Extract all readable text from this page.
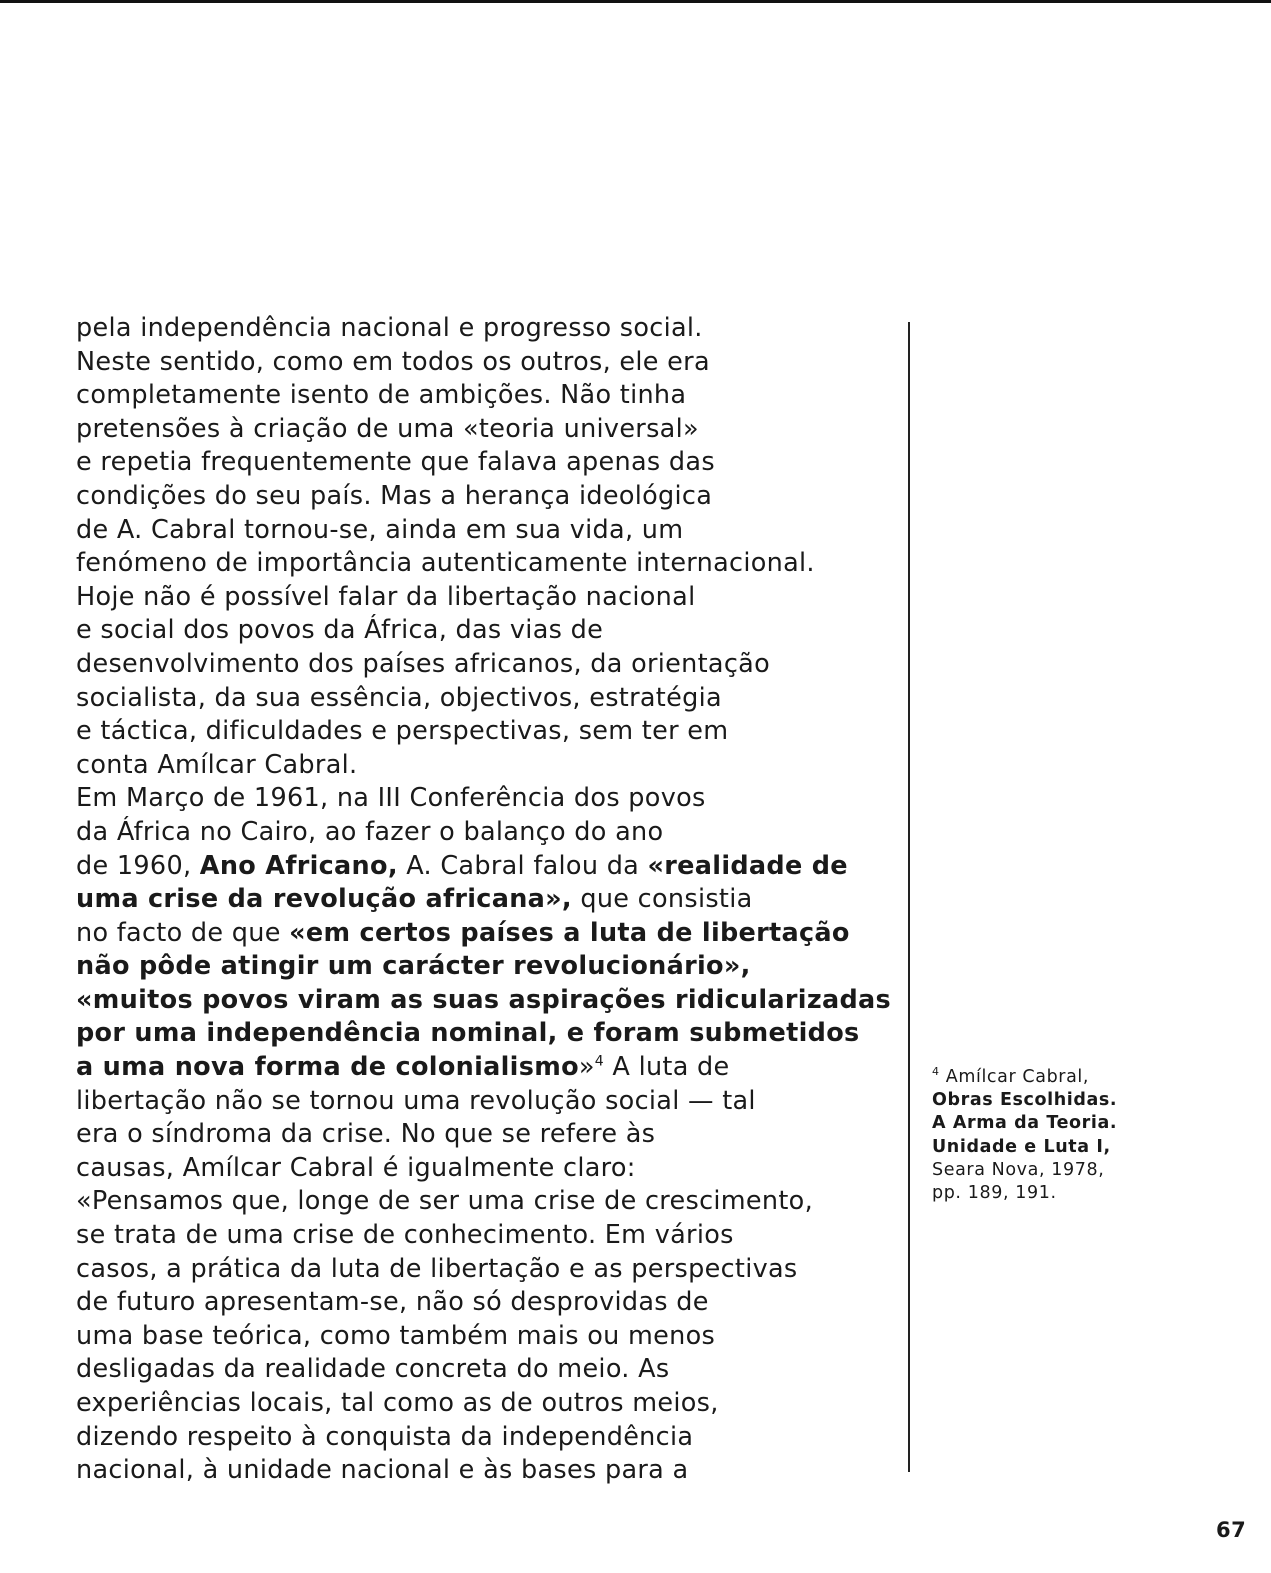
pela independência nacional e progresso social.
Neste sentido, como em todos os outros, ele era
completamente isento de ambições. Não tinha
pretensões à criação de uma «teoria universal»
e repetia frequentemente que falava apenas das
condições do seu país. Mas a herança ideológica
de A. Cabral tornou-se, ainda em sua vida, um
fenómeno de importância autenticamente internacional.
Hoje não é possível falar da libertação nacional
e social dos povos da África, das vias de
desenvolvimento dos países africanos, da orientação
socialista, da sua essência, objectivos, estratégia
e táctica, dificuldades e perspectivas, sem ter em
conta Amílcar Cabral.
Em Março de 1961, na III Conferência dos povos
da África no Cairo, ao fazer o balanço do ano
de 1960, Ano Africano, A. Cabral falou da «realidade de
uma crise da revolução africana», que consistia
no facto de que «em certos países a luta de libertação
não pôde atingir um carácter revolucionário»,
«muitos povos viram as suas aspirações ridicularizadas
por uma independência nominal, e foram submetidos
a uma nova forma de colonialismo»$^4$ A luta de
libertação não se tornou uma revolução social — tal
era o síndroma da crise. No que se refere às
causas, Amílcar Cabral é igualmente claro:
«Pensamos que, longe de ser uma crise de crescimento,
se trata de uma crise de conhecimento. Em vários
casos, a prática da luta de libertação e as perspectivas
de futuro apresentam-se, não só desprovidas de
uma base teórica, como também mais ou menos
desligadas da realidade concreta do meio. As
experiências locais, tal como as de outros meios,
dizendo respeito à conquista da independência
nacional, à unidade nacional e às bases para a
$^4$ Amílcar Cabral,
Obras Escolhidas.
A Arma da Teoria.
Unidade e Luta I,
Seara Nova, 1978,
pp. 189, 191.
67
